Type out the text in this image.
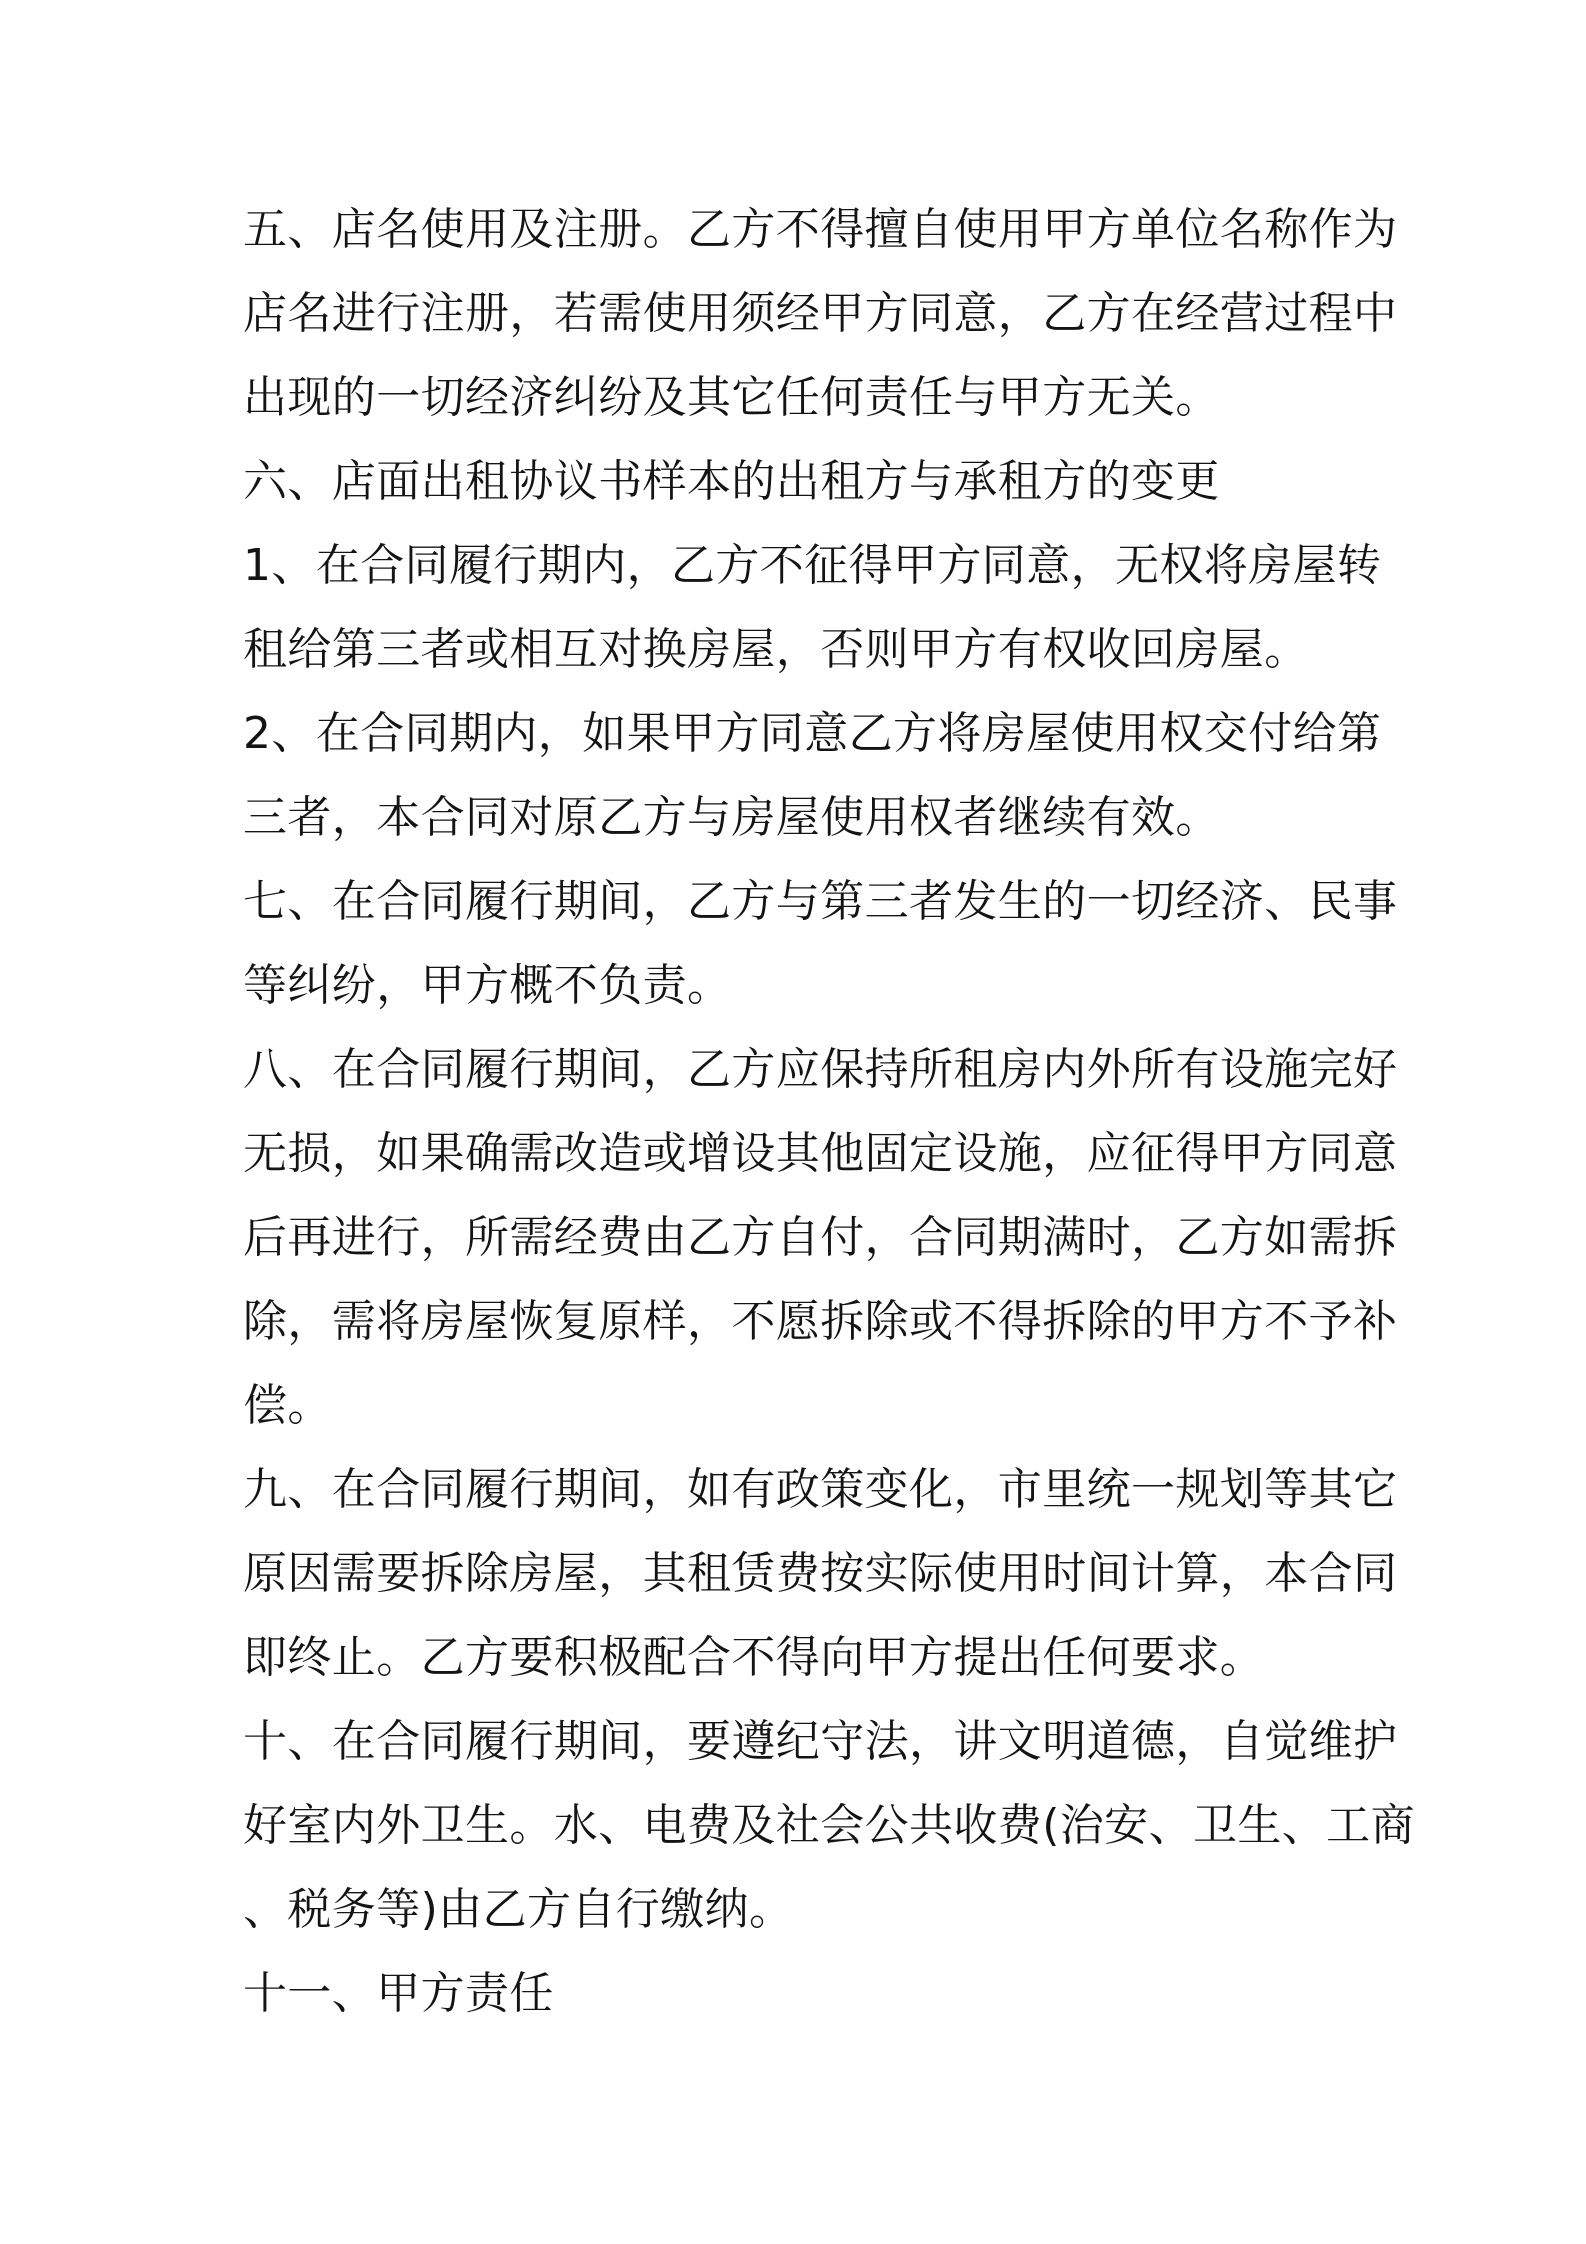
五、店名使用及注册。乙方不得擅自使用甲方单位名称作为
店名进行注册，若需使用须经甲方同意，乙方在经营过程中
出现的一切经济纠纷及其它任何责任与甲方无关。
六、店面出租协议书样本的出租方与承租方的变更
1、在合同履行期内，乙方不征得甲方同意，无权将房屋转
租给第三者或相互对换房屋，否则甲方有权收回房屋。
2、在合同期内，如果甲方同意乙方将房屋使用权交付给第
三者，本合同对原乙方与房屋使用权者继续有效。
七、在合同履行期间，乙方与第三者发生的一切经济、民事
等纠纷，甲方概不负责。
八、在合同履行期间，乙方应保持所租房内外所有设施完好
无损，如果确需改造或增设其他固定设施，应征得甲方同意
后再进行，所需经费由乙方自付，合同期满时，乙方如需拆
除，需将房屋恢复原样，不愿拆除或不得拆除的甲方不予补
偿。
九、在合同履行期间，如有政策变化，市里统一规划等其它
原因需要拆除房屋，其租赁费按实际使用时间计算，本合同
即终止。乙方要积极配合不得向甲方提出任何要求。
十、在合同履行期间，要遵纪守法，讲文明道德，自觉维护
好室内外卫生。水、电费及社会公共收费(治安、卫生、工商
、税务等)由乙方自行缴纳。
十一、甲方责任
